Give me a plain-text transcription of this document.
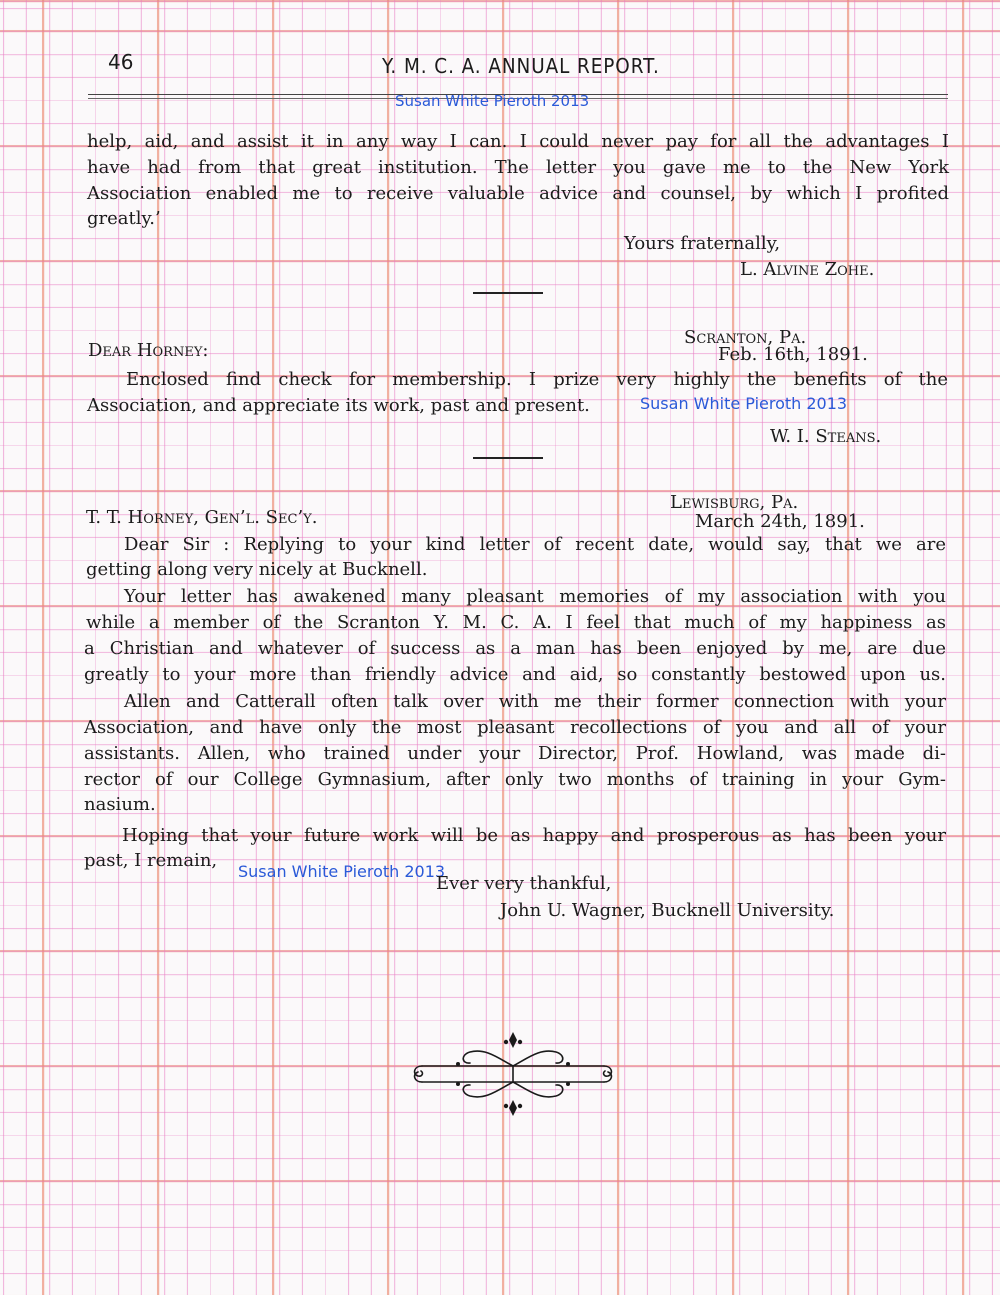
46	Y. M. C. A. ANNUAL REPORT.
Susan White Pieroth 2013
help, aid, and assist it in any way I can. I could never pay for all the advantages I
have had from that great institution. The letter you gave me to the New York
Association enabled me to receive valuable advice and counsel, by which I profited
greatly.’
Yours fraternally,
L. Alvine Zohe.
Scranton, Pa.
Dear Horney:	Feb. 16th, 1891.
Enclosed find check for membership. I prize very highly the benefits of the
Association, and appreciate its work, past and present.	Susan White Pieroth 2013
W. I. Steans.
Lewisburg, Pa.
T. T. Horney, Gen’l. Sec’y.	March 24th, 1891.
Dear Sir : Replying to your kind letter of recent date, would say, that we are
getting along very nicely at Bucknell.
Your letter has awakened many pleasant memories of my association with you
while a member of the Scranton Y. M. C. A. I feel that much of my happiness as
a Christian and whatever of success as a man has been enjoyed by me, are due
greatly to your more than friendly advice and aid, so constantly bestowed upon us.
Allen and Catterall often talk over with me their former connection with your
Association, and have only the most pleasant recollections of you and all of your
assistants. Allen, who trained under your Director, Prof. Howland, was made di-
rector of our College Gymnasium, after only two months of training in your Gym-
nasium.
Hoping that your future work will be as happy and prosperous as has been your
past, I remain,
Susan White Pieroth 2013
Ever very thankful,
John U. Wagner, Bucknell University.
